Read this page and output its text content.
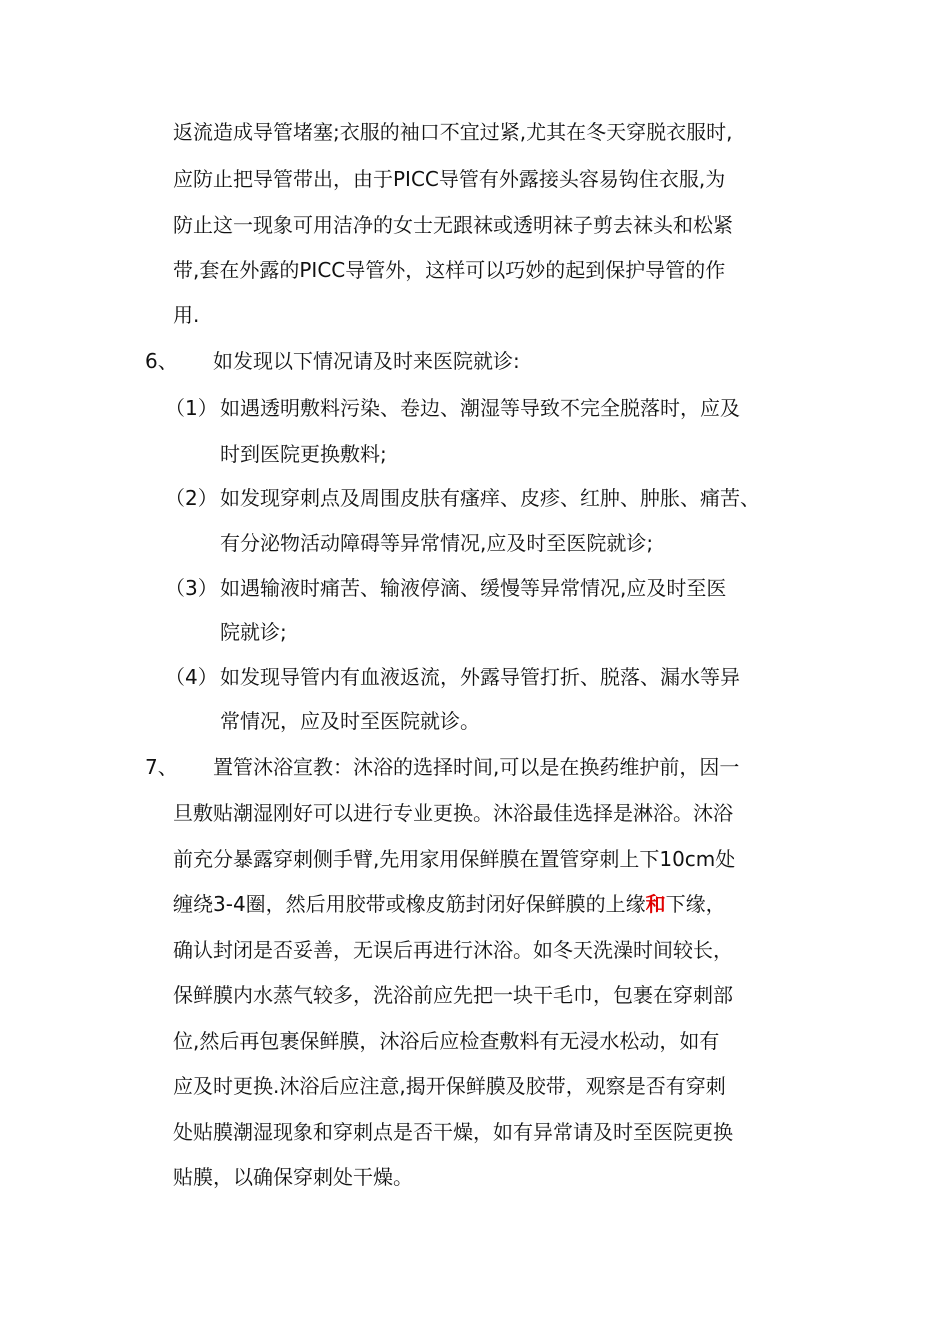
返流造成导管堵塞;衣服的袖口不宜过紧,尤其在冬天穿脱衣服时,
应防止把导管带出，由于PICC导管有外露接头容易钩住衣服,为
防止这一现象可用洁净的女士无跟袜或透明袜子剪去袜头和松紧
带,套在外露的PICC导管外，这样可以巧妙的起到保护导管的作
用.
6、 如发现以下情况请及时来医院就诊:
（1） 如遇透明敷料污染、卷边、潮湿等导致不完全脱落时，应及
时到医院更换敷料;
（2） 如发现穿刺点及周围皮肤有瘙痒、皮疹、红肿、肿胀、痛苦、
有分泌物活动障碍等异常情况,应及时至医院就诊;
（3） 如遇输液时痛苦、输液停滴、缓慢等异常情况,应及时至医
院就诊;
（4） 如发现导管内有血液返流，外露导管打折、脱落、漏水等异
常情况，应及时至医院就诊。
7、 置管沐浴宣教：沐浴的选择时间,可以是在换药维护前，因一
旦敷贴潮湿刚好可以进行专业更换。沐浴最佳选择是淋浴。沐浴
前充分暴露穿刺侧手臂,先用家用保鲜膜在置管穿刺上下10cm处
缠绕3-4圈，然后用胶带或橡皮筋封闭好保鲜膜的上缘和下缘，
确认封闭是否妥善，无误后再进行沐浴。如冬天洗澡时间较长，
保鲜膜内水蒸气较多，洗浴前应先把一块干毛巾，包裹在穿刺部
位,然后再包裹保鲜膜，沐浴后应检查敷料有无浸水松动，如有
应及时更换.沐浴后应注意,揭开保鲜膜及胶带，观察是否有穿刺
处贴膜潮湿现象和穿刺点是否干燥，如有异常请及时至医院更换
贴膜，以确保穿刺处干燥。
